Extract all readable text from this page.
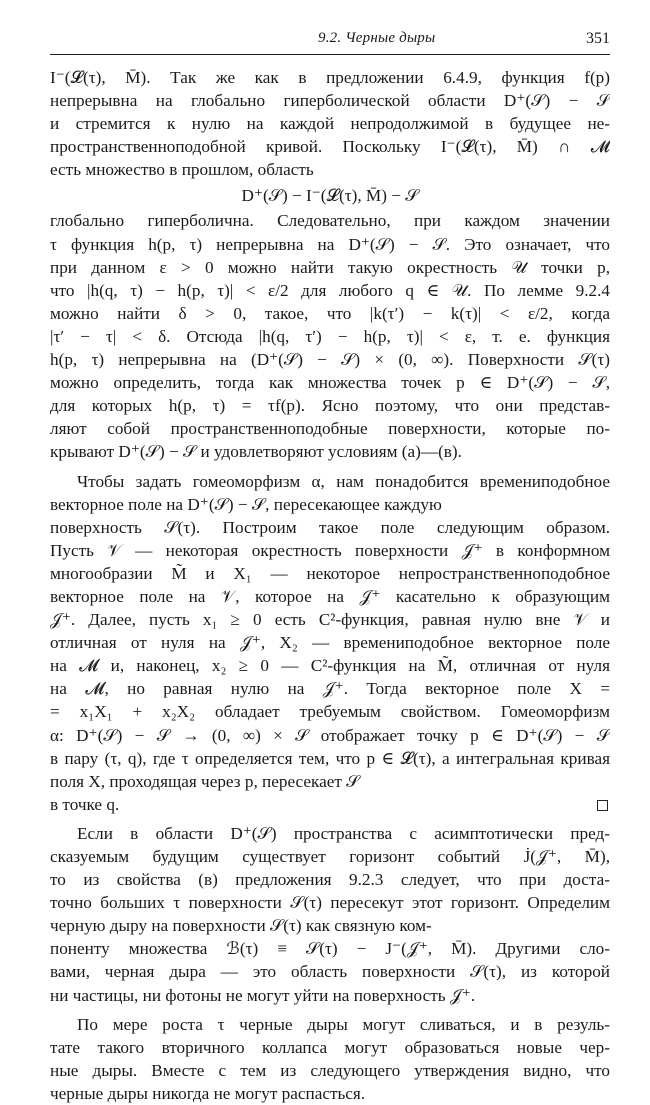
9.2. Черные дыры	351
I⁻(𝓛(τ), M̄). Так же как в предложении 6.4.9, функция f(p)
непрерывна на глобально гиперболической области D⁺(𝒮) − 𝒮
и стремится к нулю на каждой непродолжимой в будущее не-
пространственноподобной кривой. Поскольку I⁻(𝓛(τ), M̄) ∩ 𝓜
есть множество в прошлом, область
D⁺(𝒮) − I⁻(𝓛(τ), M̄) − 𝒮
глобально гиперболична. Следовательно, при каждом значении
τ функция h(p, τ) непрерывна на D⁺(𝒮) − 𝒮. Это означает, что
при данном ε > 0 можно найти такую окрестность 𝒰 точки p,
что |h(q, τ) − h(p, τ)| < ε/2 для любого q ∈ 𝒰. По лемме 9.2.4
можно найти δ > 0, такое, что |k(τ′) − k(τ)| < ε/2, когда
|τ′ − τ| < δ. Отсюда |h(q, τ′) − h(p, τ)| < ε, т. е. функция
h(p, τ) непрерывна на (D⁺(𝒮) − 𝒮) × (0, ∞). Поверхности 𝒮(τ)
можно определить, тогда как множества точек p ∈ D⁺(𝒮) − 𝒮,
для которых h(p, τ) = τf(p). Ясно поэтому, что они представ-
ляют собой пространственноподобные поверхности, которые по-
крывают D⁺(𝒮) − 𝒮 и удовлетворяют условиям (а)—(в).
Чтобы задать гомеоморфизм α, нам понадобится времениподобное векторное поле на D⁺(𝒮) − 𝒮, пересекающее каждую
поверхность 𝒮(τ). Построим такое поле следующим образом.
Пусть 𝒱 — некоторая окрестность поверхности 𝒥⁺ в конформном
многообразии M̃ и X₁ — некоторое непространственноподобное
векторное поле на 𝒱, которое на 𝒥⁺ касательно к образующим
𝒥⁺. Далее, пусть x₁ ≥ 0 есть C²-функция, равная нулю вне 𝒱 и
отличная от нуля на 𝒥⁺, X₂ — времениподобное векторное поле
на 𝓜 и, наконец, x₂ ≥ 0 — C²-функция на M̃, отличная от нуля
на 𝓜, но равная нулю на 𝒥⁺. Тогда векторное поле X =
= x₁X₁ + x₂X₂ обладает требуемым свойством. Гомеоморфизм
α: D⁺(𝒮) − 𝒮 → (0, ∞) × 𝒮 отображает точку p ∈ D⁺(𝒮) − 𝒮
в пару (τ, q), где τ определяется тем, что p ∈ 𝓛(τ), а интегральная кривая поля X, проходящая через p, пересекает 𝒮
в точке q.
Если в области D⁺(𝒮) пространства с асимптотически пред-
сказуемым будущим существует горизонт событий J̇(𝒥⁺, M̄),
то из свойства (в) предложения 9.2.3 следует, что при доста-
точно больших τ поверхности 𝒮(τ) пересекут этот горизонт. Определим черную дыру на поверхности 𝒮(τ) как связную ком-
поненту множества ℬ(τ) ≡ 𝒮(τ) − J⁻(𝒥⁺, M̄). Другими сло-
вами, черная дыра — это область поверхности 𝒮(τ), из которой
ни частицы, ни фотоны не могут уйти на поверхность 𝒥⁺.
По мере роста τ черные дыры могут сливаться, и в резуль-
тате такого вторичного коллапса могут образоваться новые чер-
ные дыры. Вместе с тем из следующего утверждения видно, что
черные дыры никогда не могут распасться.
